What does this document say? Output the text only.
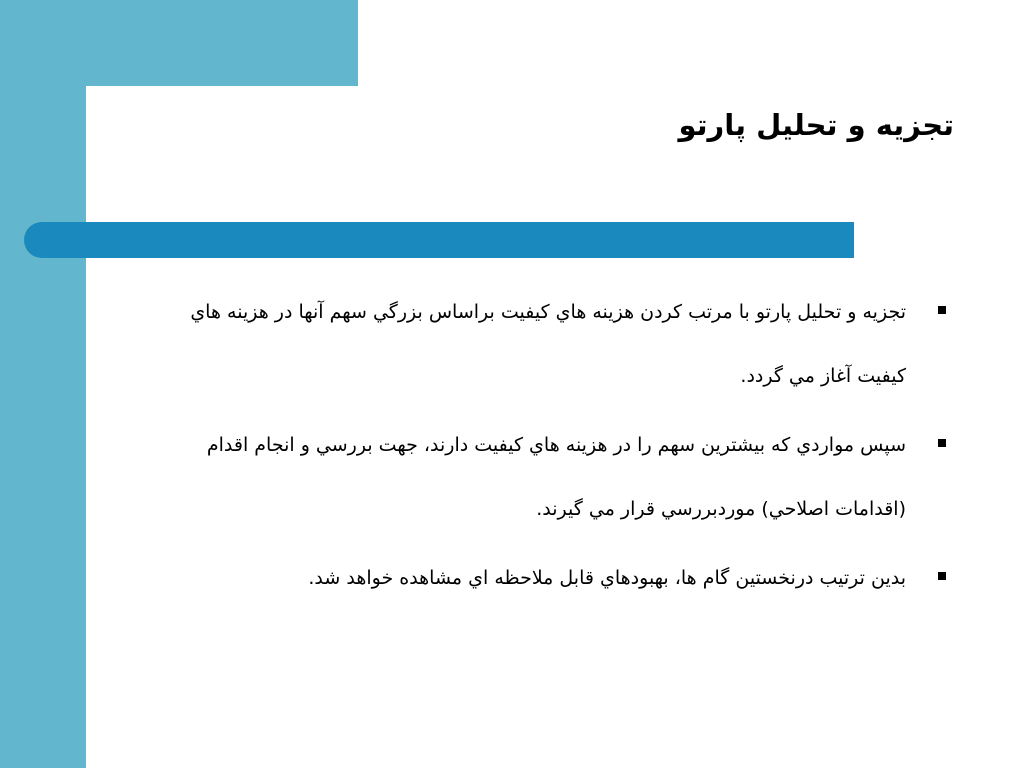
تجزيه و تحليل پارتو
تجزيه و تحليل پارتو با مرتب كردن هزينه هاي كيفيت براساس بزرگي سهم آنها در هزينه هاي كيفيت آغاز مي گردد.
سپس مواردي كه بيشترين سهم را در هزينه هاي كيفيت دارند، جهت بررسي و انجام اقدام (اقدامات اصلاحي) موردبررسي قرار مي گيرند.
بدين ترتيب درنخستين گام ها، بهبودهاي قابل ملاحظه اي مشاهده خواهد شد.
